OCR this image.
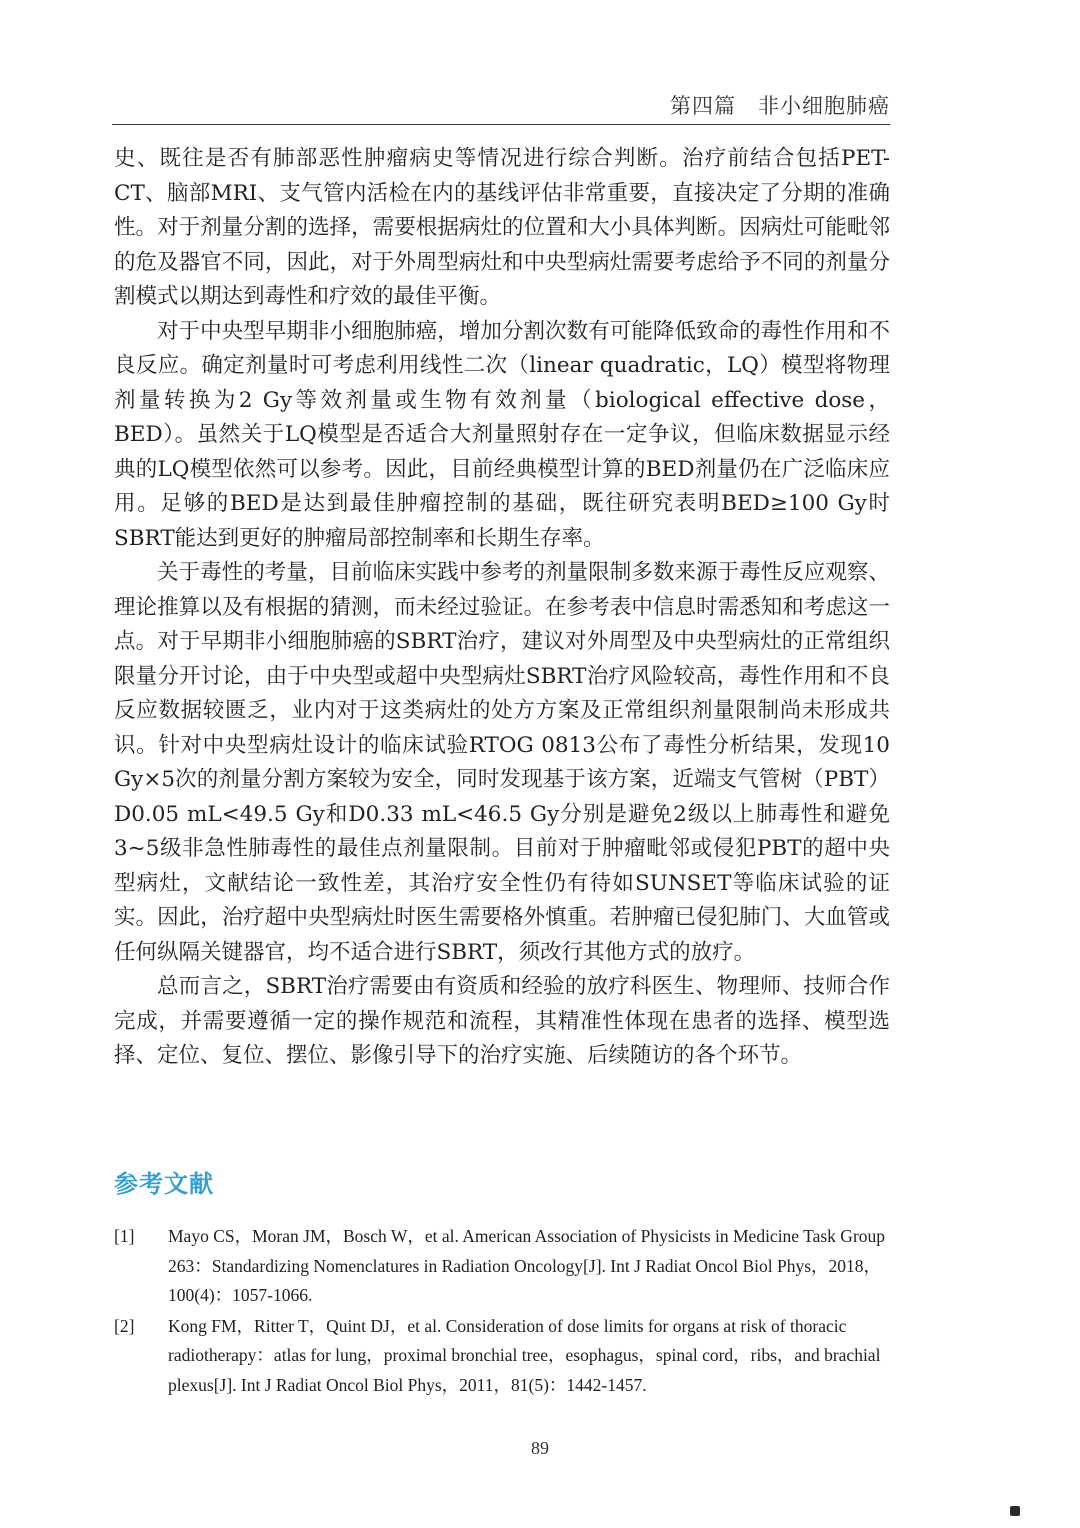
第四篇　非小细胞肺癌

史、既往是否有肺部恶性肿瘤病史等情况进行综合判断。治疗前结合包括PET-CT、脑部MRI、支气管内活检在内的基线评估非常重要，直接决定了分期的准确性。对于剂量分割的选择，需要根据病灶的位置和大小具体判断。因病灶可能毗邻的危及器官不同，因此，对于外周型病灶和中央型病灶需要考虑给予不同的剂量分割模式以期达到毒性和疗效的最佳平衡。

对于中央型早期非小细胞肺癌，增加分割次数有可能降低致命的毒性作用和不良反应。确定剂量时可考虑利用线性二次（linear quadratic，LQ）模型将物理剂量转换为2 Gy等效剂量或生物有效剂量（biological effective dose，BED）。虽然关于LQ模型是否适合大剂量照射存在一定争议，但临床数据显示经典的LQ模型依然可以参考。因此，目前经典模型计算的BED剂量仍在广泛临床应用。足够的BED是达到最佳肿瘤控制的基础，既往研究表明BED≥100 Gy时SBRT能达到更好的肿瘤局部控制率和长期生存率。

关于毒性的考量，目前临床实践中参考的剂量限制多数来源于毒性反应观察、理论推算以及有根据的猜测，而未经过验证。在参考表中信息时需悉知和考虑这一点。对于早期非小细胞肺癌的SBRT治疗，建议对外周型及中央型病灶的正常组织限量分开讨论，由于中央型或超中央型病灶SBRT治疗风险较高，毒性作用和不良反应数据较匮乏，业内对于这类病灶的处方方案及正常组织剂量限制尚未形成共识。针对中央型病灶设计的临床试验RTOG 0813公布了毒性分析结果，发现10 Gy×5次的剂量分割方案较为安全，同时发现基于该方案，近端支气管树（PBT）D0.05 mL<49.5 Gy和D0.33 mL<46.5 Gy分别是避免2级以上肺毒性和避免3~5级非急性肺毒性的最佳点剂量限制。目前对于肿瘤毗邻或侵犯PBT的超中央型病灶，文献结论一致性差，其治疗安全性仍有待如SUNSET等临床试验的证实。因此，治疗超中央型病灶时医生需要格外慎重。若肿瘤已侵犯肺门、大血管或任何纵隔关键器官，均不适合进行SBRT，须改行其他方式的放疗。

总而言之，SBRT治疗需要由有资质和经验的放疗科医生、物理师、技师合作完成，并需要遵循一定的操作规范和流程，其精准性体现在患者的选择、模型选择、定位、复位、摆位、影像引导下的治疗实施、后续随访的各个环节。

参考文献
[1]	Mayo CS，Moran JM，Bosch W，et al. American Association of Physicists in Medicine Task Group 263：Standardizing Nomenclatures in Radiation Oncology[J]. Int J Radiat Oncol Biol Phys，2018，100(4)：1057-1066.
[2]	Kong FM，Ritter T，Quint DJ，et al. Consideration of dose limits for organs at risk of thoracic radiotherapy：atlas for lung，proximal bronchial tree，esophagus，spinal cord，ribs，and brachial plexus[J]. Int J Radiat Oncol Biol Phys，2011，81(5)：1442-1457.
89
